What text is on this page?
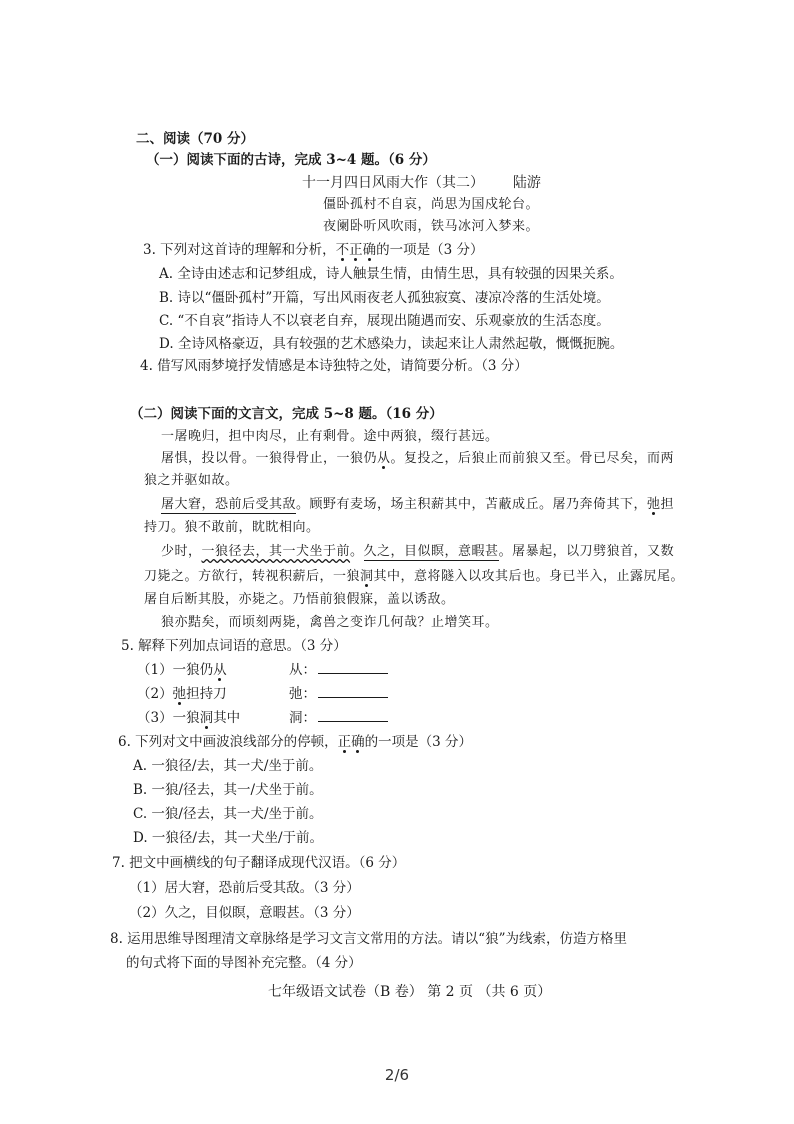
二、阅读（70 分）
（一）阅读下面的古诗，完成 3~4 题。（6 分）
十一月四日风雨大作（其二） 陆游
僵卧孤村不自哀，尚思为国戍轮台。
夜阑卧听风吹雨，铁马冰河入梦来。
3. 下列对这首诗的理解和分析，不正确的一项是（3 分）
A. 全诗由述志和记梦组成，诗人触景生情，由情生思，具有较强的因果关系。
B. 诗以“僵卧孤村”开篇，写出风雨夜老人孤独寂寞、凄凉冷落的生活处境。
C. “不自哀”指诗人不以衰老自弃，展现出随遇而安、乐观豪放的生活态度。
D. 全诗风格豪迈，具有较强的艺术感染力，读起来让人肃然起敬，慨慨扼腕。
4. 借写风雨梦境抒发情感是本诗独特之处，请简要分析。（3 分）
（二）阅读下面的文言文，完成 5~8 题。（16 分）
一屠晚归，担中肉尽，止有剩骨。途中两狼，缀行甚远。
屠惧，投以骨。一狼得骨止，一狼仍从。复投之，后狼止而前狼又至。骨已尽矣，而两
狼之并驱如故。
屠大窘，恐前后受其敌。顾野有麦场，场主积薪其中，苫蔽成丘。屠乃奔倚其下，弛担
持刀。狼不敢前，眈眈相向。
少时，一狼径去，其一犬坐于前。久之，目似瞑，意暇甚。屠暴起，以刀劈狼首，又数
刀毙之。方欲行，转视积薪后，一狼洞其中，意将隧入以攻其后也。身已半入，止露尻尾。
屠自后断其股，亦毙之。乃悟前狼假寐，盖以诱敌。
狼亦黠矣，而顷刻两毙，禽兽之变诈几何哉？止增笑耳。
5. 解释下列加点词语的意思。（3 分）
（1）一狼仍从	从：
（2）弛担持刀	弛：
（3）一狼洞其中	洞：
6. 下列对文中画波浪线部分的停顿，正确的一项是（3 分）
A. 一狼径/去，其一犬/坐于前。
B. 一狼/径去，其一/犬坐于前。
C. 一狼/径去，其一犬/坐于前。
D. 一狼径/去，其一犬坐/于前。
7. 把文中画横线的句子翻译成现代汉语。（6 分）
（1）居大窘，恐前后受其敌。（3 分）
（2）久之，目似瞑，意暇甚。（3 分）
8. 运用思维导图理清文章脉络是学习文言文常用的方法。请以“狼”为线索，仿造方格里
的句式将下面的导图补充完整。（4 分）
七年级语文试卷（B 卷） 第 2 页 （共 6 页）
2/6
